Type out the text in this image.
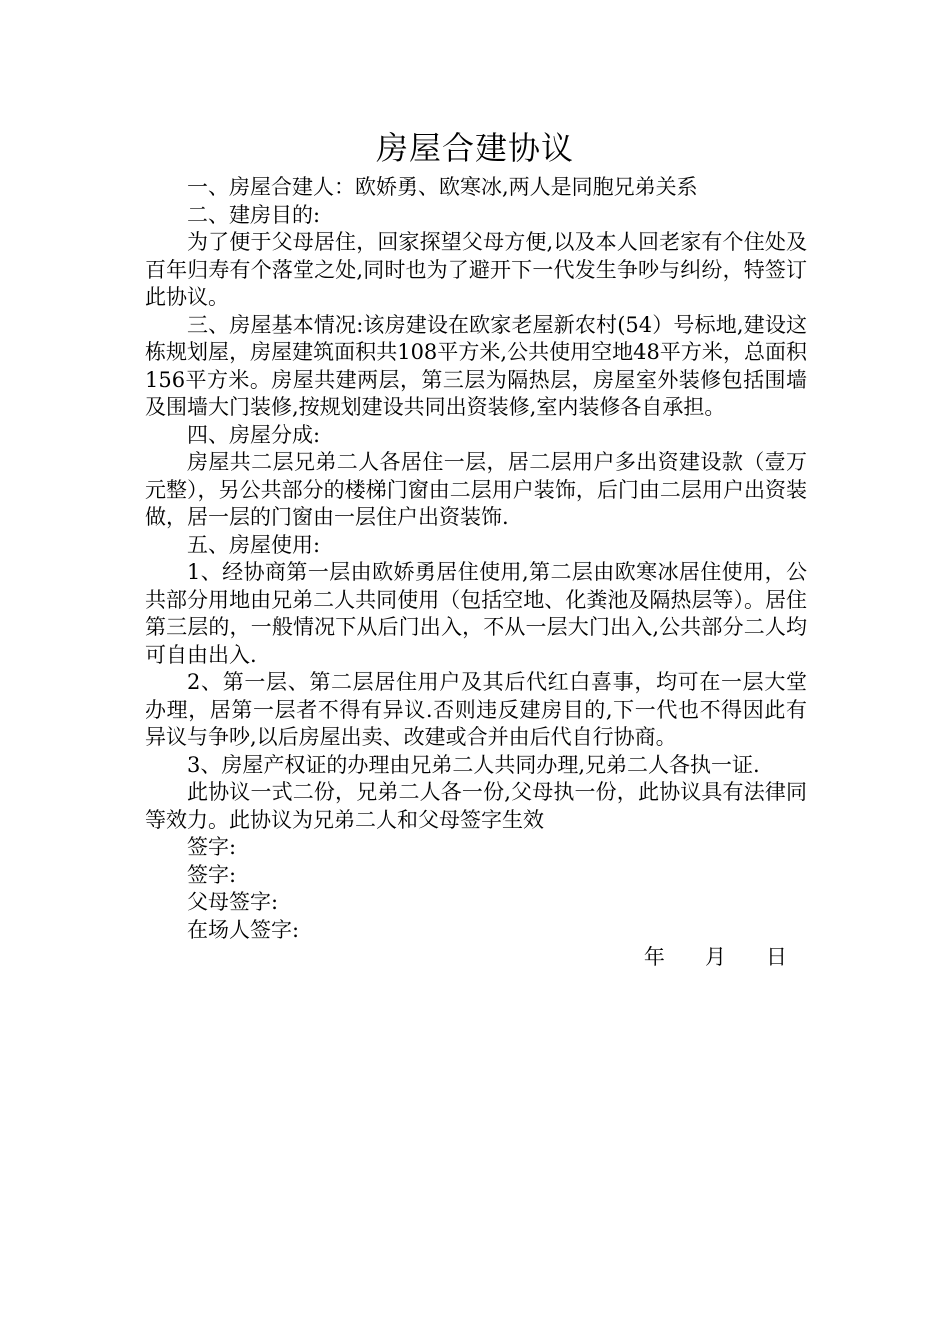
房屋合建协议

一、房屋合建人：欧娇勇、欧寒冰,两人是同胞兄弟关系

二、建房目的:

为了便于父母居住，回家探望父母方便,以及本人回老家有个住处及百年归寿有个落堂之处,同时也为了避开下一代发生争吵与纠纷，特签订此协议。

三、房屋基本情况:该房建设在欧家老屋新农村(54）号标地,建设这栋规划屋，房屋建筑面积共108平方米,公共使用空地48平方米，总面积156平方米。房屋共建两层，第三层为隔热层，房屋室外装修包括围墙及围墙大门装修,按规划建设共同出资装修,室内装修各自承担。

四、房屋分成:

房屋共二层兄弟二人各居住一层，居二层用户多出资建设款（壹万元整），另公共部分的楼梯门窗由二层用户装饰，后门由二层用户出资装做，居一层的门窗由一层住户出资装饰.

五、房屋使用:

1、经协商第一层由欧娇勇居住使用,第二层由欧寒冰居住使用，公共部分用地由兄弟二人共同使用（包括空地、化粪池及隔热层等）。居住第三层的，一般情况下从后门出入，不从一层大门出入,公共部分二人均可自由出入.

2、第一层、第二层居住用户及其后代红白喜事，均可在一层大堂办理，居第一层者不得有异议.否则违反建房目的,下一代也不得因此有异议与争吵,以后房屋出卖、改建或合并由后代自行协商。

3、房屋产权证的办理由兄弟二人共同办理,兄弟二人各执一证.

此协议一式二份，兄弟二人各一份,父母执一份，此协议具有法律同等效力。此协议为兄弟二人和父母签字生效

签字:

签字:

父母签字:

在场人签字:

年      月      日
